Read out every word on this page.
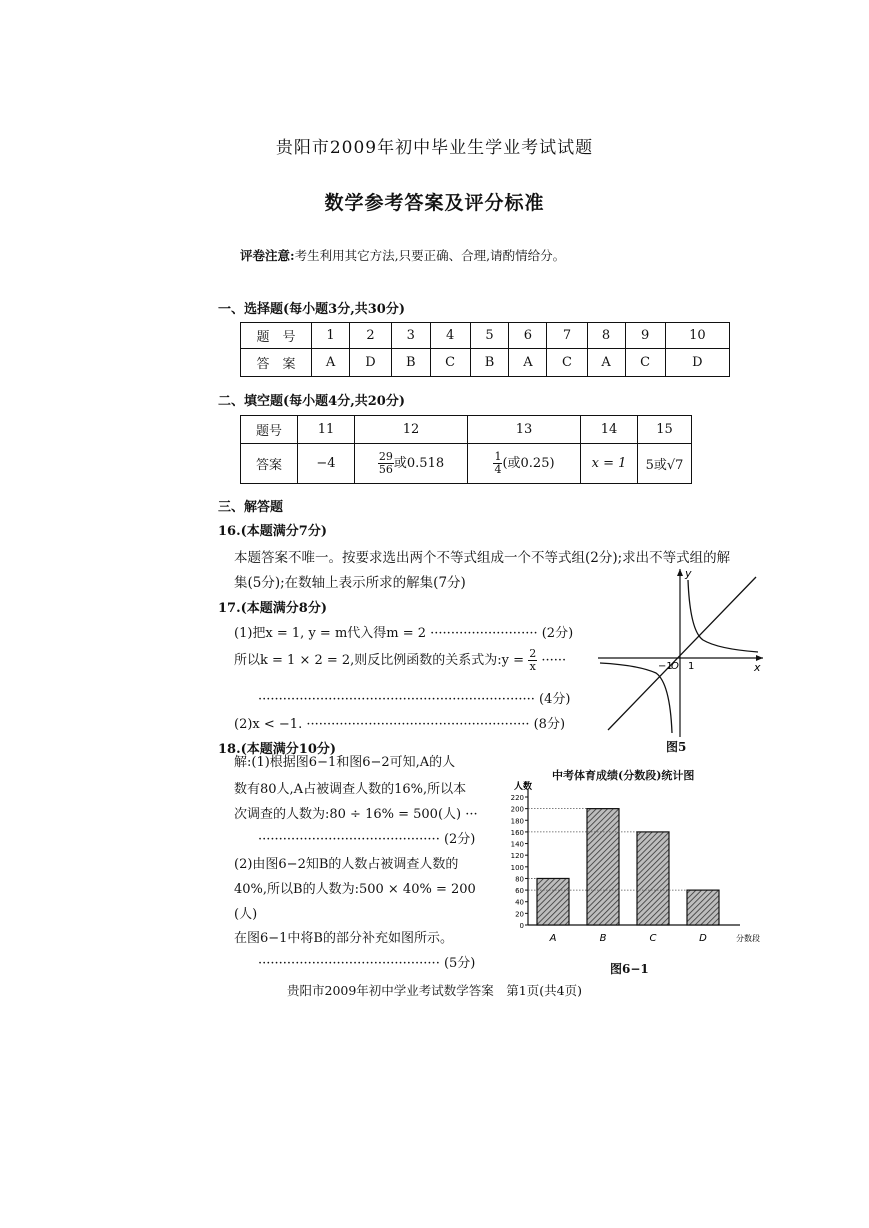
贵阳市2009年初中毕业生学业考试试题
数学参考答案及评分标准
评卷注意:考生利用其它方法,只要正确、合理,请酌情给分。
一、选择题(每小题3分,共30分)
题　号	1	2	3	4	5	6	7	8	9	10
答　案	A	D	B	C	B	A	C	A	C	D
二、填空题(每小题4分,共20分)
题号	11	12	13	14	15
答案	−4	$\frac{29}{56}$ 或0.518	$\frac{1}{4}$ (或0.25)	x = 1	5或√7
三、解答题
16.(本题满分7分)
本题答案不唯一。按要求选出两个不等式组成一个不等式组(2分);求出不等式组的解
集(5分);在数轴上表示所求的解集(7分)
17.(本题满分8分)
(1)把x = 1, y = m代入得m = 2 ·························· (2分)
所以k = 1 × 2 = 2,则反比例函数的关系式为:y = $\frac{2}{x}$ ······
··································································· (4分)
(2)x < −1. ······················································ (8分)
y
x
−1
O 1
图5
18.(本题满分10分)
解:(1)根据图6−1和图6−2可知,A的人
数有80人,A占被调查人数的16%,所以本
次调查的人数为:80 ÷ 16% = 500(人) ···
············································ (2分)
(2)由图6−2知B的人数占被调查人数的
40%,所以B的人数为:500 × 40% = 200
(人)
在图6−1中将B的部分补充如图所示。
············································ (5分)
中考体育成绩(分数段)统计图
人数
0
20
40
60
80
100
120
140
160
180
200
220
A	B	C	D	分数段
图6−1
贵阳市2009年初中学业考试数学答案　第1页(共4页)
